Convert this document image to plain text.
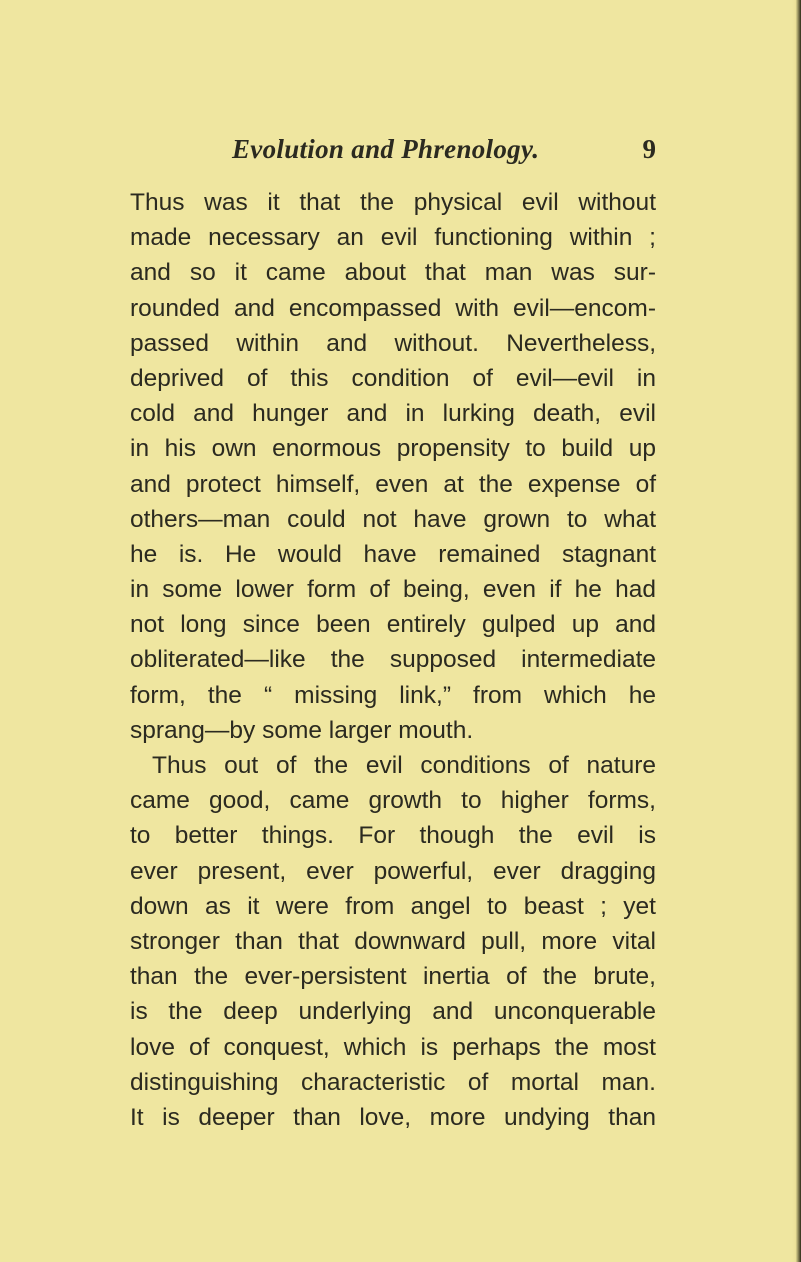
Evolution and Phrenology.	9
Thus was it that the physical evil without
made necessary an evil functioning within ;
and so it came about that man was sur-
rounded and encompassed with evil—encom-
passed within and without. Nevertheless,
deprived of this condition of evil—evil in
cold and hunger and in lurking death, evil
in his own enormous propensity to build up
and protect himself, even at the expense of
others—man could not have grown to what
he is. He would have remained stagnant
in some lower form of being, even if he had
not long since been entirely gulped up and
obliterated—like the supposed intermediate
form, the “ missing link,” from which he
sprang—by some larger mouth.
Thus out of the evil conditions of nature
came good, came growth to higher forms,
to better things. For though the evil is
ever present, ever powerful, ever dragging
down as it were from angel to beast ; yet
stronger than that downward pull, more vital
than the ever-persistent inertia of the brute,
is the deep underlying and unconquerable
love of conquest, which is perhaps the most
distinguishing characteristic of mortal man.
It is deeper than love, more undying than
